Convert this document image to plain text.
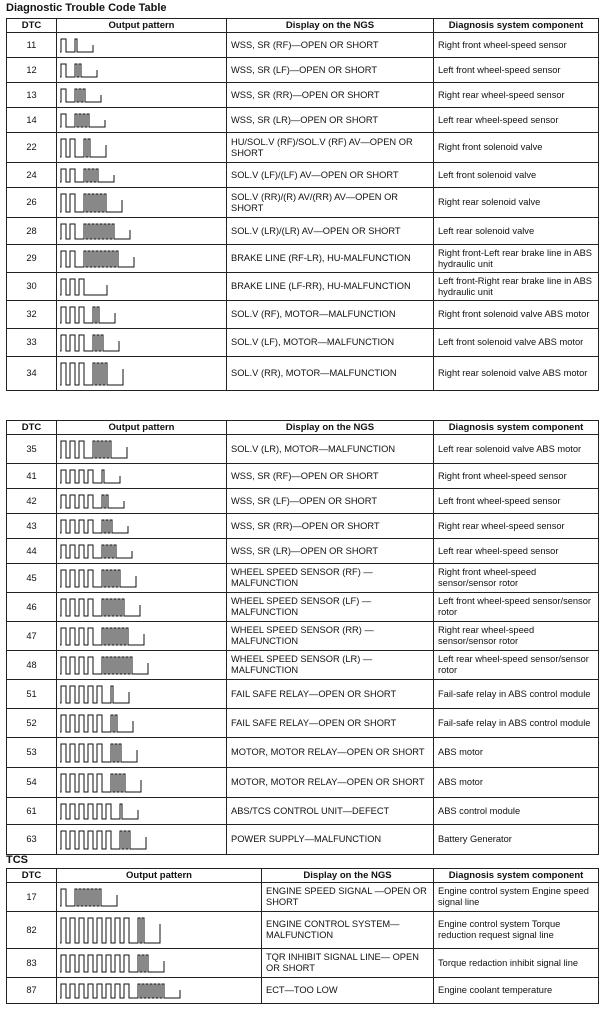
Diagnostic Trouble Code Table
DTC	Output pattern	Display on the NGS	Diagnosis system component
11		WSS, SR (RF)—OPEN OR SHORT	Right front wheel-speed sensor
12		WSS, SR (LF)—OPEN OR SHORT	Left front wheel-speed sensor
13		WSS, SR (RR)—OPEN OR SHORT	Right rear wheel-speed sensor
14		WSS, SR (LR)—OPEN OR SHORT	Left rear wheel-speed sensor
22		HU/SOL.V (RF)/SOL.V (RF) AV—OPEN OR SHORT	Right front solenoid valve
24		SOL.V (LF)/(LF) AV—OPEN OR SHORT	Left front solenoid valve
26		SOL.V (RR)/(R) AV/(RR) AV—OPEN OR SHORT	Right rear solenoid valve
28		SOL.V (LR)/(LR) AV—OPEN OR SHORT	Left rear solenoid valve
29		BRAKE LINE (RF-LR), HU-MALFUNCTION	Right front-Left rear brake line in ABS hydraulic unit
30		BRAKE LINE (LF-RR), HU-MALFUNCTION	Left front-Right rear brake line in ABS hydraulic unit
32		SOL.V (RF), MOTOR—MALFUNCTION	Right front solenoid valve ABS motor
33		SOL.V (LF), MOTOR—MALFUNCTION	Left front solenoid valve ABS motor
34		SOL.V (RR), MOTOR—MALFUNCTION	Right rear solenoid valve ABS motor
DTC	Output pattern	Display on the NGS	Diagnosis system component
35		SOL.V (LR), MOTOR—MALFUNCTION	Left rear solenoid valve ABS motor
41		WSS, SR (RF)—OPEN OR SHORT	Right front wheel-speed sensor
42		WSS, SR (LF)—OPEN OR SHORT	Left front wheel-speed sensor
43		WSS, SR (RR)—OPEN OR SHORT	Right rear wheel-speed sensor
44		WSS, SR (LR)—OPEN OR SHORT	Left rear wheel-speed sensor
45		WHEEL SPEED SENSOR (RF) —MALFUNCTION	Right front wheel-speed sensor/sensor rotor
46		WHEEL SPEED SENSOR (LF) —MALFUNCTION	Left front wheel-speed sensor/sensor rotor
47		WHEEL SPEED SENSOR (RR) —MALFUNCTION	Right rear wheel-speed sensor/sensor rotor
48		WHEEL SPEED SENSOR (LR) —MALFUNCTION	Left rear wheel-speed sensor/sensor rotor
51		FAIL SAFE RELAY—OPEN OR SHORT	Fail-safe relay in ABS control module
52		FAIL SAFE RELAY—OPEN OR SHORT	Fail-safe relay in ABS control module
53		MOTOR, MOTOR RELAY—OPEN OR SHORT	ABS motor
54		MOTOR, MOTOR RELAY—OPEN OR SHORT	ABS motor
61		ABS/TCS CONTROL UNIT—DEFECT	ABS control module
63		POWER SUPPLY—MALFUNCTION	Battery Generator
TCS
DTC	Output pattern	Display on the NGS	Diagnosis system component
17		ENGINE SPEED SIGNAL —OPEN OR SHORT	Engine control system Engine speed signal line
82		ENGINE CONTROL SYSTEM— MALFUNCTION	Engine control system Torque reduction request signal line
83		TQR INHIBIT SIGNAL LINE— OPEN OR SHORT	Torque redaction inhibit signal line
87		ECT—TOO LOW	Engine coolant temperature
